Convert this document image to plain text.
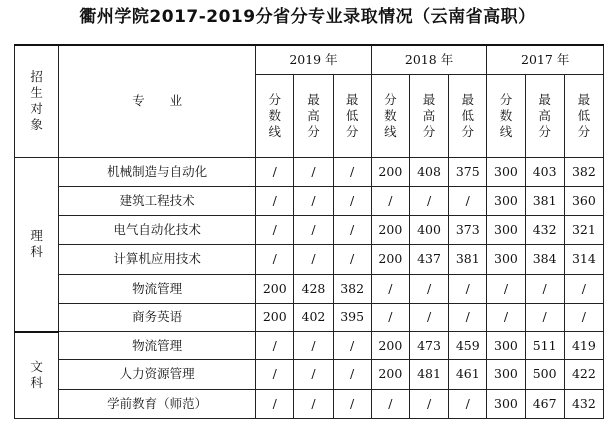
衢州学院2017-2019分省分专业录取情况（云南省高职）
招
生
对
象	专　　业	2019 年			2018 年			2017 年		
		分
数
线	最
高
分	最
低
分	分
数
线	最
高
分	最
低
分	分
数
线	最
高
分	最
低
分
理
科	机械制造与自动化	/	/	/	200	408	375	300	403	382
	建筑工程技术	/	/	/	/	/	/	300	381	360
	电气自动化技术	/	/	/	200	400	373	300	432	321
	计算机应用技术	/	/	/	200	437	381	300	384	314
	物流管理	200	428	382	/	/	/	/	/	/
	商务英语	200	402	395	/	/	/	/	/	/
文
科	物流管理	/	/	/	200	473	459	300	511	419
	人力资源管理	/	/	/	200	481	461	300	500	422
	学前教育（师范）	/	/	/	/	/	/	300	467	432
